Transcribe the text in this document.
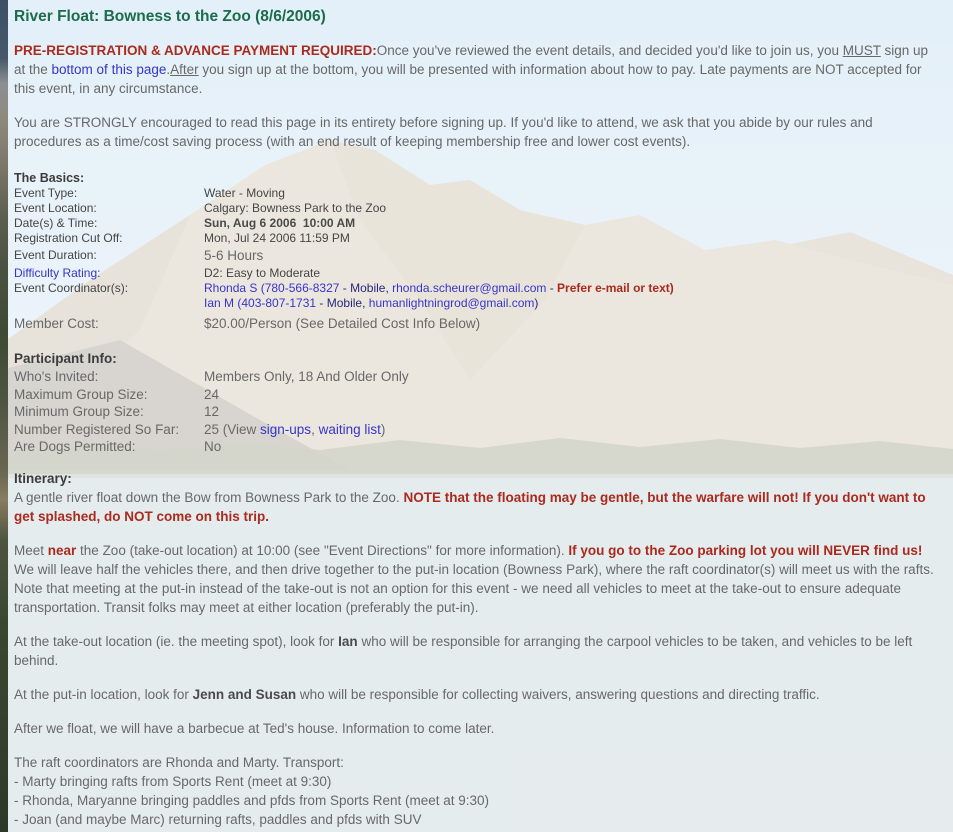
River Float: Bowness to the Zoo (8/6/2006)

PRE-REGISTRATION & ADVANCE PAYMENT REQUIRED:Once you've reviewed the event details, and decided you'd like to join us, you MUST sign up at the bottom of this page.After you sign up at the bottom, you will be presented with information about how to pay. Late payments are NOT accepted for this event, in any circumstance.

You are STRONGLY encouraged to read this page in its entirety before signing up. If you'd like to attend, we ask that you abide by our rules and procedures as a time/cost saving process (with an end result of keeping membership free and lower cost events).

The Basics:
Event Type:	Water - Moving
Event Location:	Calgary: Bowness Park to the Zoo
Date(s) & Time:	Sun, Aug 6 2006  10:00 AM
Registration Cut Off:	Mon, Jul 24 2006 11:59 PM
Event Duration:	5-6 Hours
Difficulty Rating:	D2: Easy to Moderate
Event Coordinator(s):	Rhonda S (780-566-8327 - Mobile, rhonda.scheurer@gmail.com - Prefer e-mail or text)
Ian M (403-807-1731 - Mobile, humanlightningrod@gmail.com)
Member Cost:	$20.00/Person (See Detailed Cost Info Below)
Participant Info:
Who's Invited:	Members Only, 18 And Older Only
Maximum Group Size:	24
Minimum Group Size:	12
Number Registered So Far:	25 (View sign-ups, waiting list)
Are Dogs Permitted:	No
Itinerary:

A gentle river float down the Bow from Bowness Park to the Zoo. NOTE that the floating may be gentle, but the warfare will not! If you don't want to get splashed, do NOT come on this trip.

Meet near the Zoo (take-out location) at 10:00 (see "Event Directions" for more information). If you go to the Zoo parking lot you will NEVER find us! We will leave half the vehicles there, and then drive together to the put-in location (Bowness Park), where the raft coordinator(s) will meet us with the rafts. Note that meeting at the put-in instead of the take-out is not an option for this event - we need all vehicles to meet at the take-out to ensure adequate transportation. Transit folks may meet at either location (preferably the put-in).

At the take-out location (ie. the meeting spot), look for Ian who will be responsible for arranging the carpool vehicles to be taken, and vehicles to be left behind.

At the put-in location, look for Jenn and Susan who will be responsible for collecting waivers, answering questions and directing traffic.

After we float, we will have a barbecue at Ted's house. Information to come later.

The raft coordinators are Rhonda and Marty. Transport:
- Marty bringing rafts from Sports Rent (meet at 9:30)
- Rhonda, Maryanne bringing paddles and pfds from Sports Rent (meet at 9:30)
- Joan (and maybe Marc) returning rafts, paddles and pfds with SUV
